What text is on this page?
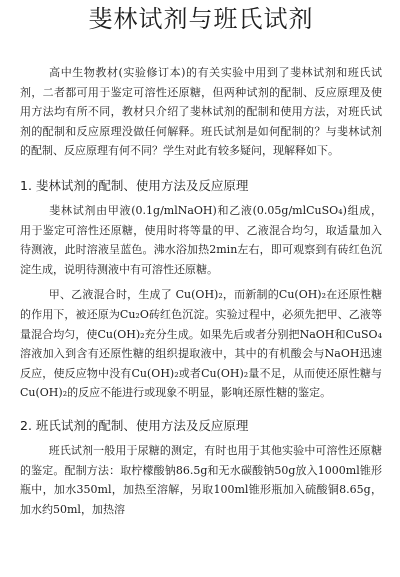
斐林试剂与班氏试剂

高中生物教材(实验修订本)的有关实验中用到了斐林试剂和班氏试剂，二者都可用于鉴定可溶性还原糖，但两种试剂的配制、反应原理及使用方法均有所不同，教材只介绍了斐林试剂的配制和使用方法，对班氏试剂的配制和反应原理没做任何解释。班氏试剂是如何配制的？与斐林试剂的配制、反应原理有何不同？学生对此有较多疑问，现解释如下。

1. 斐林试剂的配制、使用方法及反应原理

斐林试剂由甲液(0.1g/mlNaOH)和乙液(0.05g/mlCuSO₄)组成，用于鉴定可溶性还原糖，使用时将等量的甲、乙液混合均匀，取适量加入待测液，此时溶液呈蓝色。沸水浴加热2min左右，即可观察到有砖红色沉淀生成，说明待测液中有可溶性还原糖。

甲、乙液混合时，生成了 Cu(OH)₂，而新制的Cu(OH)₂在还原性糖的作用下，被还原为Cu₂O砖红色沉淀。实验过程中，必须先把甲、乙液等量混合均匀，使Cu(OH)₂充分生成。如果先后或者分别把NaOH和CuSO₄溶液加入到含有还原性糖的组织提取液中，其中的有机酸会与NaOH迅速反应，使反应物中没有Cu(OH)₂或者Cu(OH)₂量不足，从而使还原性糖与Cu(OH)₂的反应不能进行或现象不明显，影响还原性糖的鉴定。

2. 班氏试剂的配制、使用方法及反应原理

班氏试剂一般用于尿糖的测定，有时也用于其他实验中可溶性还原糖的鉴定。配制方法：取柠檬酸钠86.5g和无水碳酸钠50g放入1000ml锥形瓶中，加水350ml，加热至溶解，另取100ml锥形瓶加入硫酸铜8.65g，加水约50ml，加热溶
